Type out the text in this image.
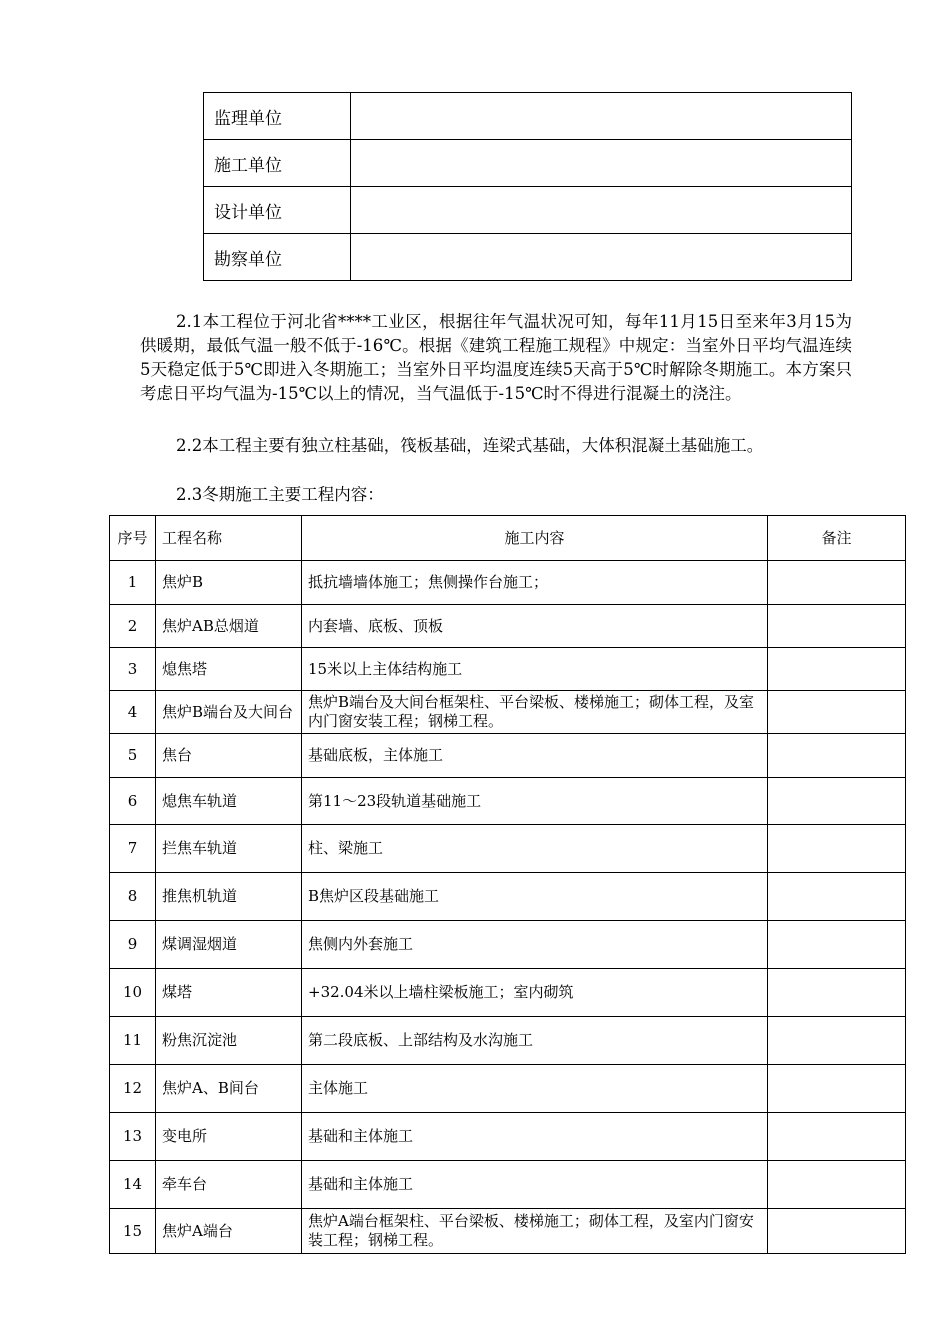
监理单位	
施工单位	
设计单位	
勘察单位	

2.1本工程位于河北省****工业区，根据往年气温状况可知，每年11月15日至来年3月15为供暖期，最低气温一般不低于-16℃。根据《建筑工程施工规程》中规定：当室外日平均气温连续5天稳定低于5℃即进入冬期施工；当室外日平均温度连续5天高于5℃时解除冬期施工。本方案只考虑日平均气温为-15℃以上的情况，当气温低于-15℃时不得进行混凝土的浇注。

2.2本工程主要有独立柱基础，筏板基础，连梁式基础，大体积混凝土基础施工。

2.3冬期施工主要工程内容：

序号	工程名称	施工内容	备注
1	焦炉B	抵抗墙墙体施工；焦侧操作台施工；	
2	焦炉AB总烟道	内套墙、底板、顶板	
3	熄焦塔	15米以上主体结构施工	
4	焦炉B端台及大间台	焦炉B端台及大间台框架柱、平台梁板、楼梯施工；砌体工程，及室内门窗安装工程；钢梯工程。	
5	焦台	基础底板，主体施工	
6	熄焦车轨道	第11～23段轨道基础施工	
7	拦焦车轨道	柱、梁施工	
8	推焦机轨道	B焦炉区段基础施工	
9	煤调湿烟道	焦侧内外套施工	
10	煤塔	+32.04米以上墙柱梁板施工；室内砌筑	
11	粉焦沉淀池	第二段底板、上部结构及水沟施工	
12	焦炉A、B间台	主体施工	
13	变电所	基础和主体施工	
14	牵车台	基础和主体施工	
15	焦炉A端台	焦炉A端台框架柱、平台梁板、楼梯施工；砌体工程，及室内门窗安装工程；钢梯工程。	
